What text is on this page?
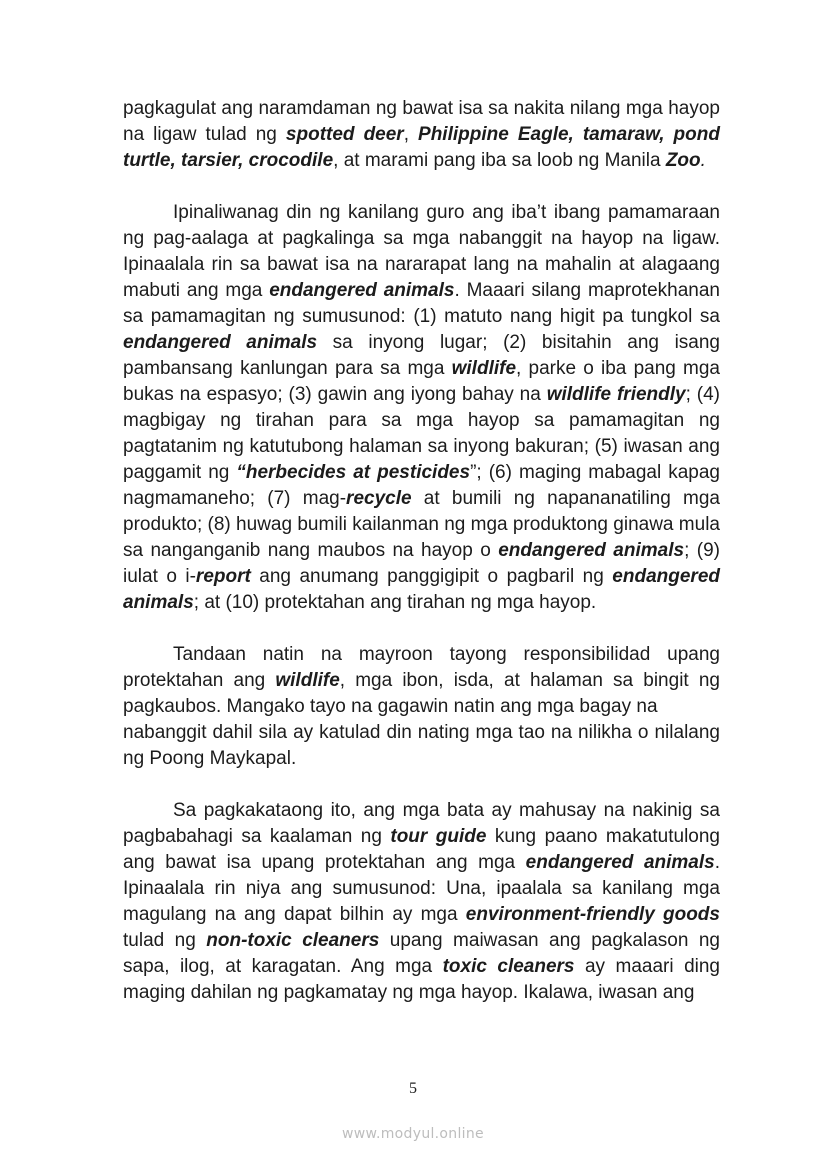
pagkagulat ang naramdaman ng bawat isa sa nakita nilang mga hayop na ligaw tulad ng spotted deer, Philippine Eagle, tamaraw, pond turtle, tarsier, crocodile, at marami pang iba sa loob ng Manila Zoo.

Ipinaliwanag din ng kanilang guro ang iba’t ibang pamamaraan ng pag-aalaga at pagkalinga sa mga nabanggit na hayop na ligaw. Ipinaalala rin sa bawat isa na nararapat lang na mahalin at alagaang mabuti ang mga endangered animals. Maaari silang maprotekhanan sa pamamagitan ng sumusunod: (1) matuto nang higit pa tungkol sa endangered animals sa inyong lugar; (2) bisitahin ang isang pambansang kanlungan para sa mga wildlife, parke o iba pang mga bukas na espasyo; (3) gawin ang iyong bahay na wildlife friendly; (4) magbigay ng tirahan para sa mga hayop sa pamamagitan ng pagtatanim ng katutubong halaman sa inyong bakuran; (5) iwasan ang paggamit ng “herbecides at pesticides”; (6) maging mabagal kapag nagmamaneho; (7) mag-recycle at bumili ng napananatiling mga produkto; (8) huwag bumili kailanman ng mga produktong ginawa mula sa nanganganib nang maubos na hayop o endangered animals; (9) iulat o i-report ang anumang panggigipit o pagbaril ng endangered animals; at (10) protektahan ang tirahan ng mga hayop.

Tandaan natin na mayroon tayong responsibilidad upang protektahan ang wildlife, mga ibon, isda, at halaman sa bingit ng pagkaubos. Mangako tayo na gagawin natin ang mga bagay na
nabanggit dahil sila ay katulad din nating mga tao na nilikha o nilalang ng Poong Maykapal.

Sa pagkakataong ito, ang mga bata ay mahusay na nakinig sa pagbabahagi sa kaalaman ng tour guide kung paano makatutulong ang bawat isa upang protektahan ang mga endangered animals. Ipinaalala rin niya ang sumusunod: Una, ipaalala sa kanilang mga magulang na ang dapat bilhin ay mga environment-friendly goods tulad ng non-toxic cleaners upang maiwasan ang pagkalason ng sapa, ilog, at karagatan. Ang mga toxic cleaners ay maaari ding maging dahilan ng pagkamatay ng mga hayop. Ikalawa, iwasan ang

5
www.modyul.online
